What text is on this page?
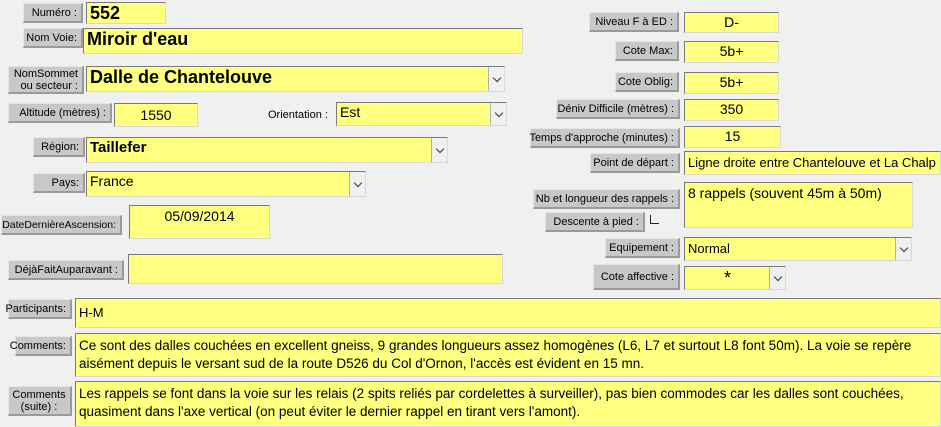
Numéro : 552
Nom Voie: Miroir d'eau
NomSommet ou secteur : Dalle de Chantelouve
Altitude (mètres) :	1550	Orientation : Est
Région: Taillefer
Pays: France
DateDernièreAscension:
05/09/2014
DéjàFaitAuparavant :
Participants:	H-M
Comments: Ce sont des dalles couchées en excellent gneiss, 9 grandes longueurs assez homogènes (L6, L7 et surtout L8 font 50m). La voie se repère aisément depuis le versant sud de la route D526 du Col d'Ornon, l'accès est évident en 15 mn.
Comments (suite) :
Les rappels se font dans la voie sur les relais (2 spits reliés par cordelettes à surveiller), pas bien commodes car les dalles sont couchées, quasiment dans l'axe vertical (on peut éviter le dernier rappel en tirant vers l'amont).
Niveau F à ED :	D-
Cote Max:	5b+
Cote Oblig:	5b+
Déniv Difficile (mètres) :	350
Temps d'approche (minutes) :	15
Point de départ :	Ligne droite entre Chantelouve et La Chalp
Nb et longueur des rappels :	8 rappels (souvent 45m à 50m)
Descente à pied :
Equipement :	Normal
Cote affective :	*
